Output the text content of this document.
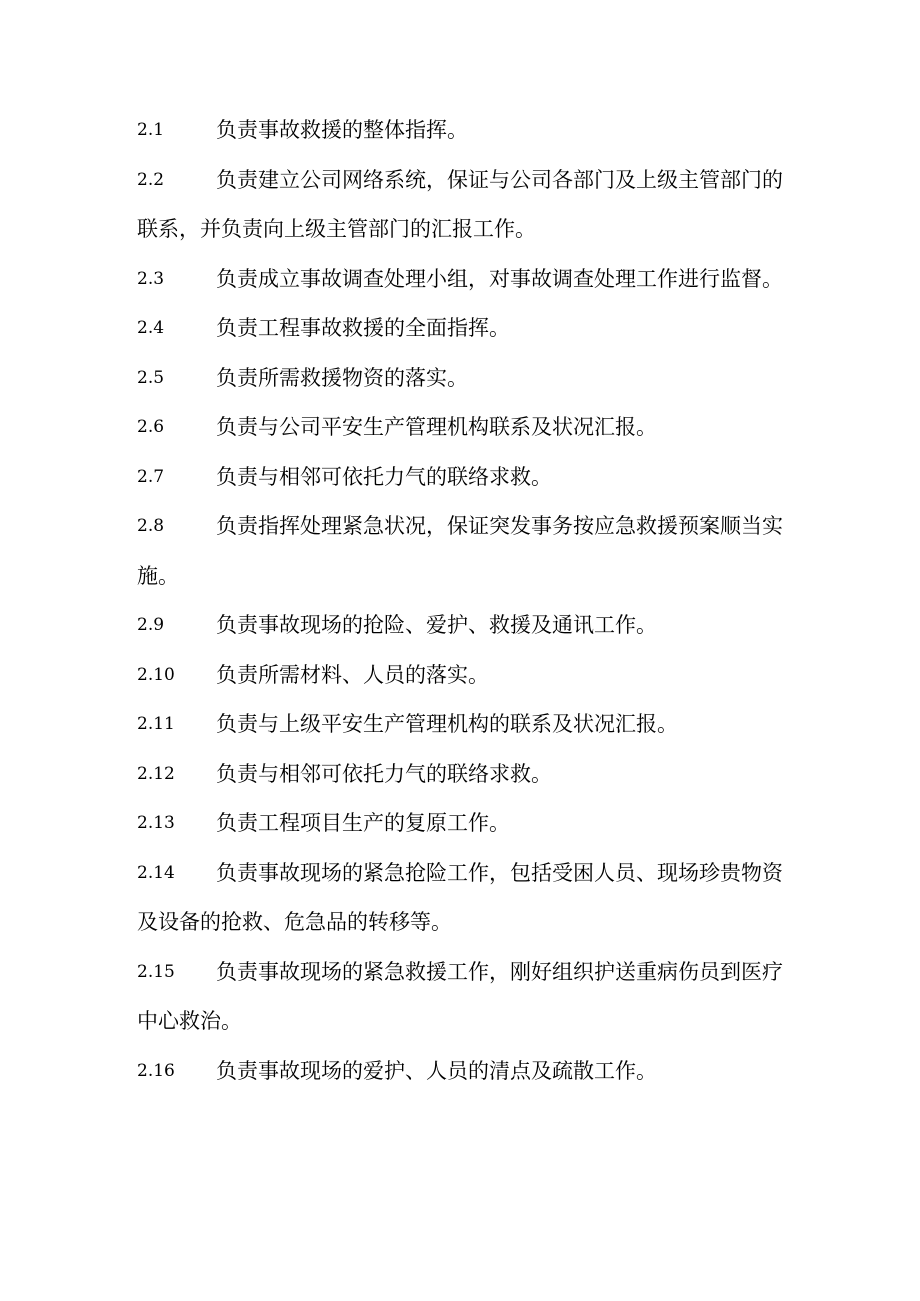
2.1	负责事故救援的整体指挥。
2.2	负责建立公司网络系统，保证与公司各部门及上级主管部门的联系，并负责向上级主管部门的汇报工作。
2.3	负责成立事故调查处理小组，对事故调查处理工作进行监督。
2.4	负责工程事故救援的全面指挥。
2.5	负责所需救援物资的落实。
2.6	负责与公司平安生产管理机构联系及状况汇报。
2.7	负责与相邻可依托力气的联络求救。
2.8	负责指挥处理紧急状况，保证突发事务按应急救援预案顺当实施。
2.9	负责事故现场的抢险、爱护、救援及通讯工作。
2.10	负责所需材料、人员的落实。
2.11	负责与上级平安生产管理机构的联系及状况汇报。
2.12	负责与相邻可依托力气的联络求救。
2.13	负责工程项目生产的复原工作。
2.14	负责事故现场的紧急抢险工作，包括受困人员、现场珍贵物资及设备的抢救、危急品的转移等。
2.15	负责事故现场的紧急救援工作，刚好组织护送重病伤员到医疗中心救治。
2.16	负责事故现场的爱护、人员的清点及疏散工作。
